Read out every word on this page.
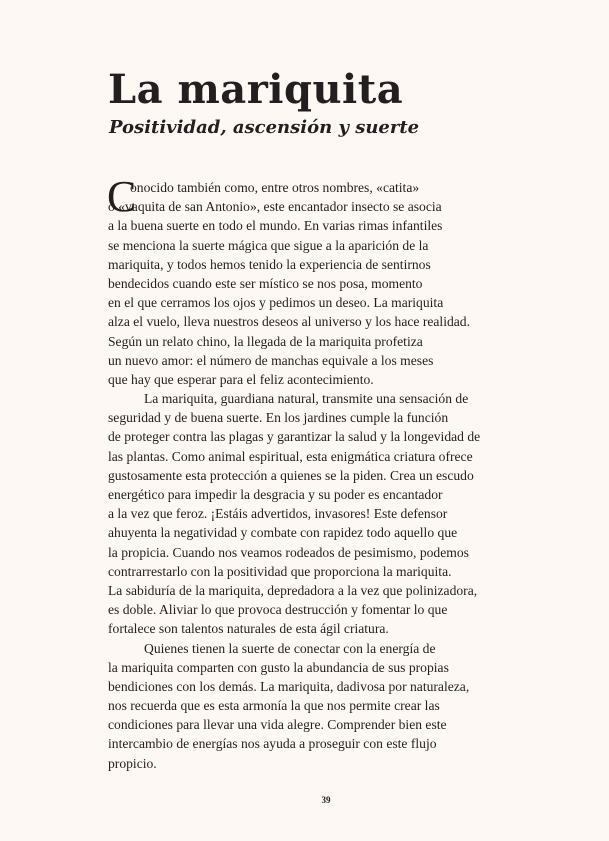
La mariquita
Positividad, ascensión y suerte
C
onocido también como, entre otros nombres, «catita»
o «vaquita de san Antonio», este encantador insecto se asocia
a la buena suerte en todo el mundo. En varias rimas infantiles
se menciona la suerte mágica que sigue a la aparición de la
mariquita, y todos hemos tenido la experiencia de sentirnos
bendecidos cuando este ser místico se nos posa, momento
en el que cerramos los ojos y pedimos un deseo. La mariquita
alza el vuelo, lleva nuestros deseos al universo y los hace realidad.
Según un relato chino, la llegada de la mariquita profetiza
un nuevo amor: el número de manchas equivale a los meses
que hay que esperar para el feliz acontecimiento.
La mariquita, guardiana natural, transmite una sensación de
seguridad y de buena suerte. En los jardines cumple la función
de proteger contra las plagas y garantizar la salud y la longevidad de
las plantas. Como animal espiritual, esta enigmática criatura ofrece
gustosamente esta protección a quienes se la piden. Crea un escudo
energético para impedir la desgracia y su poder es encantador
a la vez que feroz. ¡Estáis advertidos, invasores! Este defensor
ahuyenta la negatividad y combate con rapidez todo aquello que
la propicia. Cuando nos veamos rodeados de pesimismo, podemos
contrarrestarlo con la positividad que proporciona la mariquita.
La sabiduría de la mariquita, depredadora a la vez que polinizadora,
es doble. Aliviar lo que provoca destrucción y fomentar lo que
fortalece son talentos naturales de esta ágil criatura.
Quienes tienen la suerte de conectar con la energía de
la mariquita comparten con gusto la abundancia de sus propias
bendiciones con los demás. La mariquita, dadivosa por naturaleza,
nos recuerda que es esta armonía la que nos permite crear las
condiciones para llevar una vida alegre. Comprender bien este
intercambio de energías nos ayuda a proseguir con este flujo
propicio.
39
